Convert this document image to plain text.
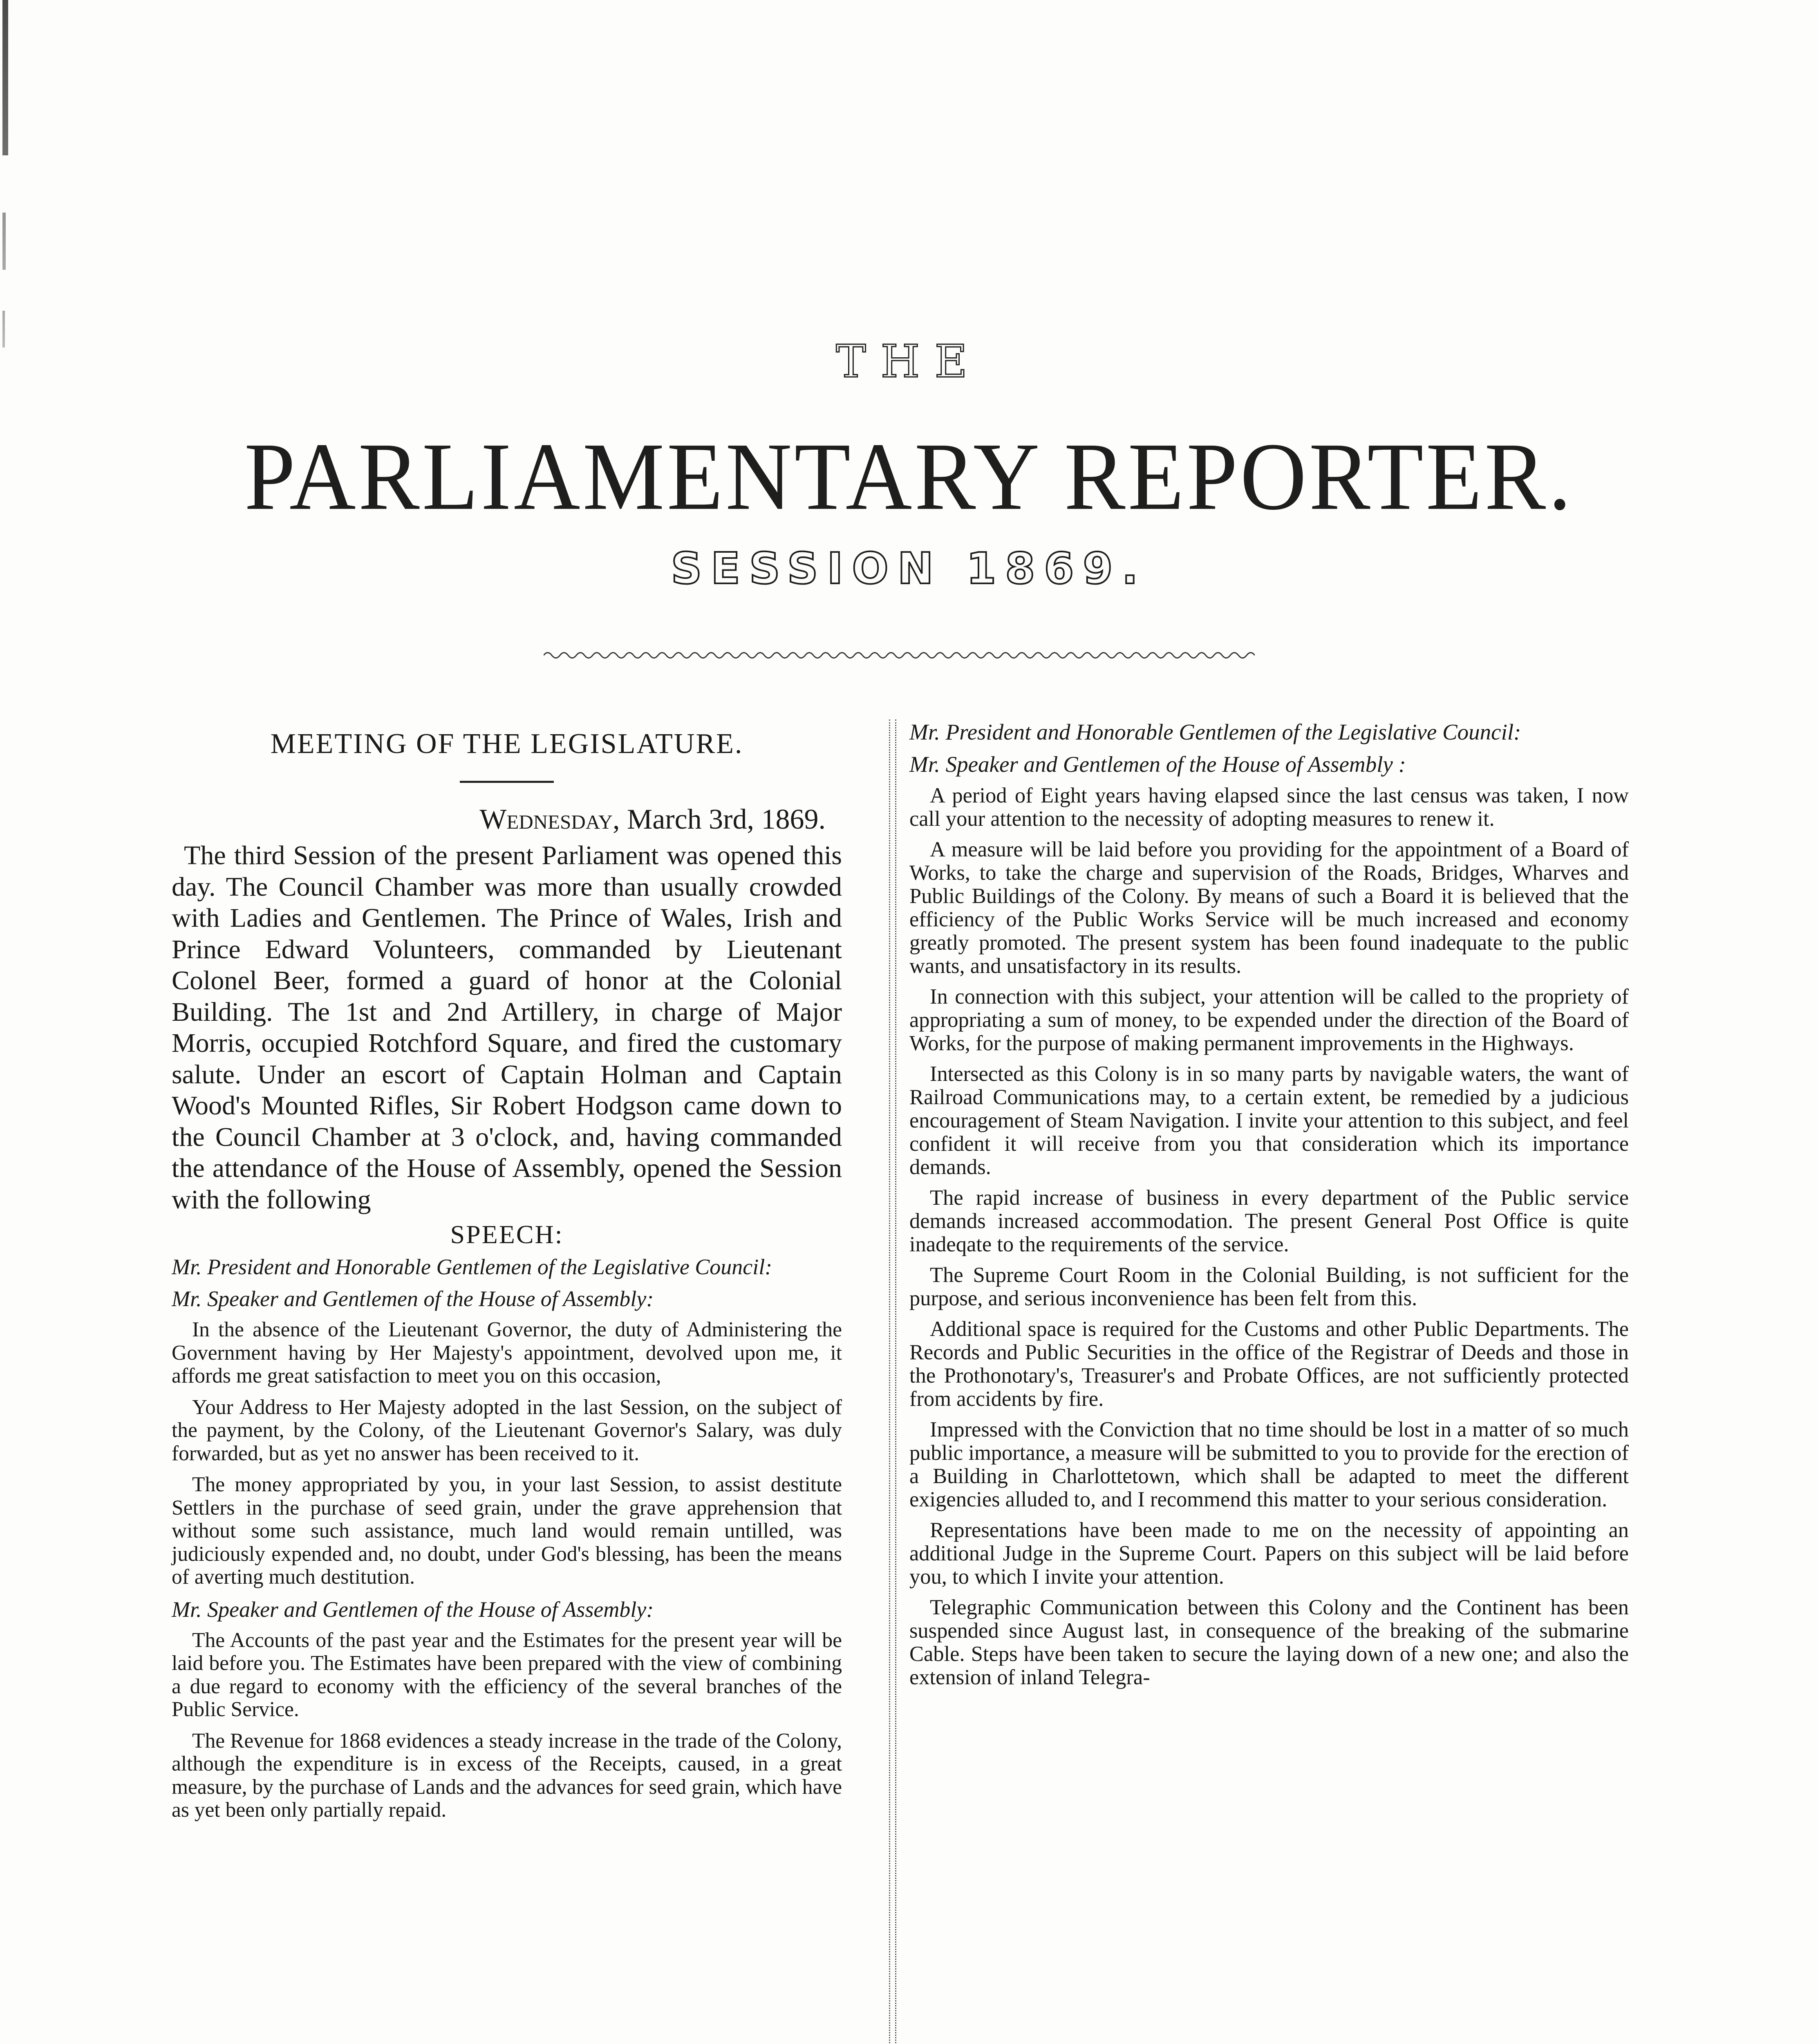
THE
PARLIAMENTARY REPORTER.
SESSION 1869.
MEETING OF THE LEGISLATURE.
Wednesday, March 3rd, 1869.

The third Session of the present Parliament was opened this day. The Council Chamber was more than usually crowded with Ladies and Gentlemen. The Prince of Wales, Irish and Prince Edward Volunteers, commanded by Lieutenant Colonel Beer, formed a guard of honor at the Colonial Building. The 1st and 2nd Artillery, in charge of Major Morris, occupied Rotchford Square, and fired the customary salute. Under an escort of Captain Holman and Captain Wood's Mounted Rifles, Sir Robert Hodgson came down to the Council Chamber at 3 o'clock, and, having commanded the attendance of the House of Assembly, opened the Session with the following

SPEECH:

Mr. President and Honorable Gentlemen of the Legislative Council:

Mr. Speaker and Gentlemen of the House of Assembly:

In the absence of the Lieutenant Governor, the duty of Administering the Government having by Her Majesty's appointment, devolved upon me, it affords me great satisfaction to meet you on this occasion,

Your Address to Her Majesty adopted in the last Session, on the subject of the payment, by the Colony, of the Lieutenant Governor's Salary, was duly forwarded, but as yet no answer has been received to it.

The money appropriated by you, in your last Session, to assist destitute Settlers in the purchase of seed grain, under the grave apprehension that without some such assistance, much land would remain untilled, was judiciously expended and, no doubt, under God's blessing, has been the means of averting much destitution.

Mr. Speaker and Gentlemen of the House of Assembly:

The Accounts of the past year and the Estimates for the present year will be laid before you. The Estimates have been prepared with the view of combining a due regard to economy with the efficiency of the several branches of the Public Service.

The Revenue for 1868 evidences a steady increase in the trade of the Colony, although the expenditure is in excess of the Receipts, caused, in a great measure, by the purchase of Lands and the advances for seed grain, which have as yet been only partially repaid.

Mr. President and Honorable Gentlemen of the Legislative Council:

Mr. Speaker and Gentlemen of the House of Assembly :

A period of Eight years having elapsed since the last census was taken, I now call your attention to the necessity of adopting measures to renew it.

A measure will be laid before you providing for the appointment of a Board of Works, to take the charge and supervision of the Roads, Bridges, Wharves and Public Buildings of the Colony. By means of such a Board it is believed that the efficiency of the Public Works Service will be much increased and economy greatly promoted. The present system has been found inadequate to the public wants, and unsatisfactory in its results.

In connection with this subject, your attention will be called to the propriety of appropriating a sum of money, to be expended under the direction of the Board of Works, for the purpose of making permanent improvements in the Highways.

Intersected as this Colony is in so many parts by navigable waters, the want of Railroad Communications may, to a certain extent, be remedied by a judicious encouragement of Steam Navigation. I invite your attention to this subject, and feel confident it will receive from you that consideration which its importance demands.

The rapid increase of business in every department of the Public service demands increased accommodation. The present General Post Office is quite inadeqate to the requirements of the service.

The Supreme Court Room in the Colonial Building, is not sufficient for the purpose, and serious inconvenience has been felt from this.

Additional space is required for the Customs and other Public Departments. The Records and Public Securities in the office of the Registrar of Deeds and those in the Prothonotary's, Treasurer's and Probate Offices, are not sufficiently protected from accidents by fire.

Impressed with the Conviction that no time should be lost in a matter of so much public importance, a measure will be submitted to you to provide for the erection of a Building in Charlottetown, which shall be adapted to meet the different exigencies alluded to, and I recommend this matter to your serious consideration.

Representations have been made to me on the necessity of appointing an additional Judge in the Supreme Court. Papers on this subject will be laid before you, to which I invite your attention.

Telegraphic Communication between this Colony and the Continent has been suspended since August last, in consequence of the breaking of the submarine Cable. Steps have been taken to secure the laying down of a new one; and also the extension of inland Telegra-
